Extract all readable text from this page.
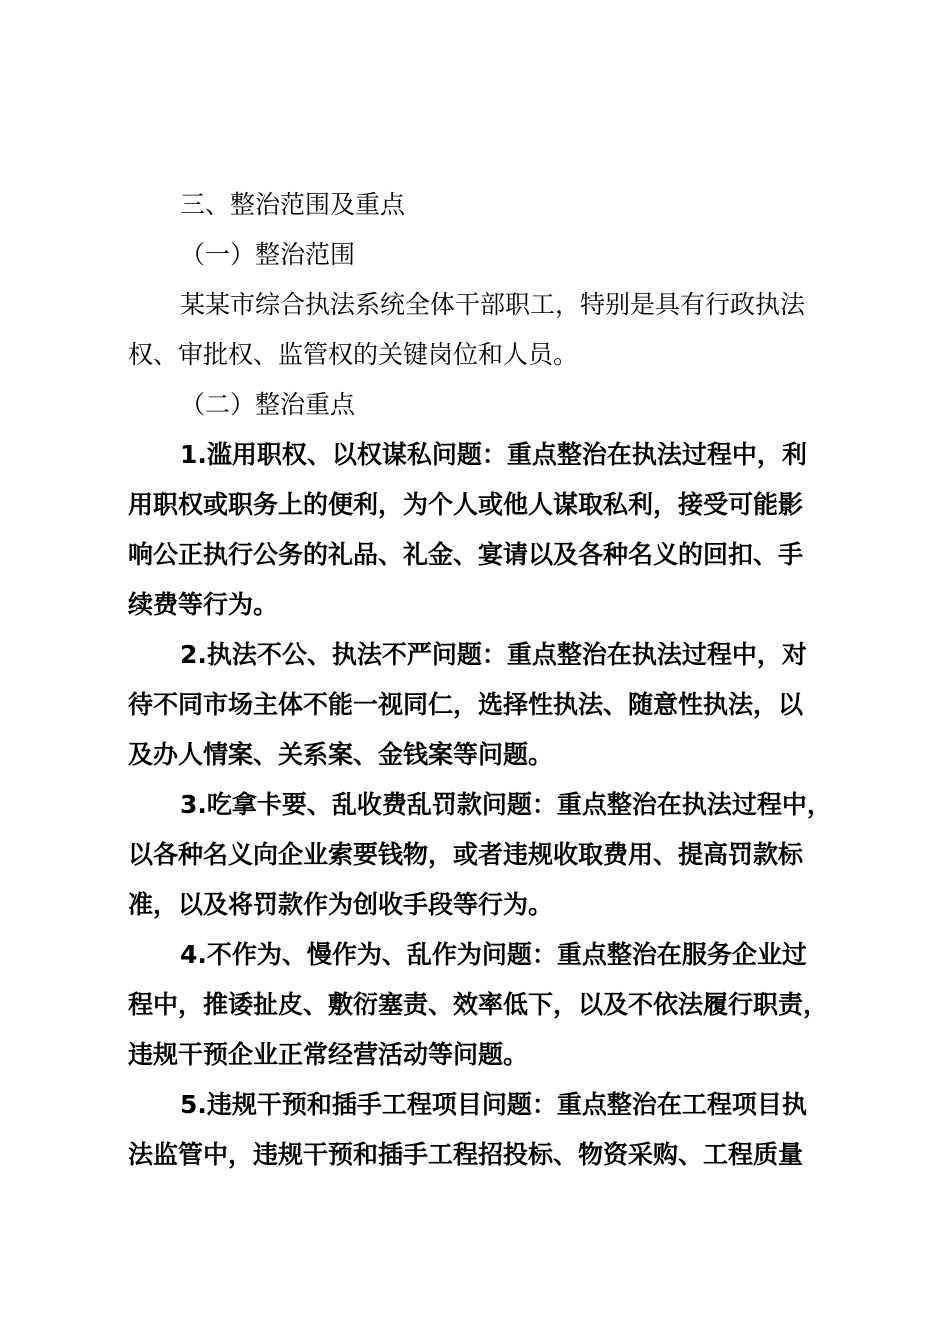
三、整治范围及重点

（一）整治范围

某某市综合执法系统全体干部职工，特别是具有行政执法

权、审批权、监管权的关键岗位和人员。

（二）整治重点

1.滥用职权、以权谋私问题：重点整治在执法过程中，利

用职权或职务上的便利，为个人或他人谋取私利，接受可能影

响公正执行公务的礼品、礼金、宴请以及各种名义的回扣、手

续费等行为。

2.执法不公、执法不严问题：重点整治在执法过程中，对

待不同市场主体不能一视同仁，选择性执法、随意性执法，以

及办人情案、关系案、金钱案等问题。

3.吃拿卡要、乱收费乱罚款问题：重点整治在执法过程中，

以各种名义向企业索要钱物，或者违规收取费用、提高罚款标

准，以及将罚款作为创收手段等行为。

4.不作为、慢作为、乱作为问题：重点整治在服务企业过

程中，推诿扯皮、敷衍塞责、效率低下，以及不依法履行职责，

违规干预企业正常经营活动等问题。

5.违规干预和插手工程项目问题：重点整治在工程项目执

法监管中，违规干预和插手工程招投标、物资采购、工程质量
